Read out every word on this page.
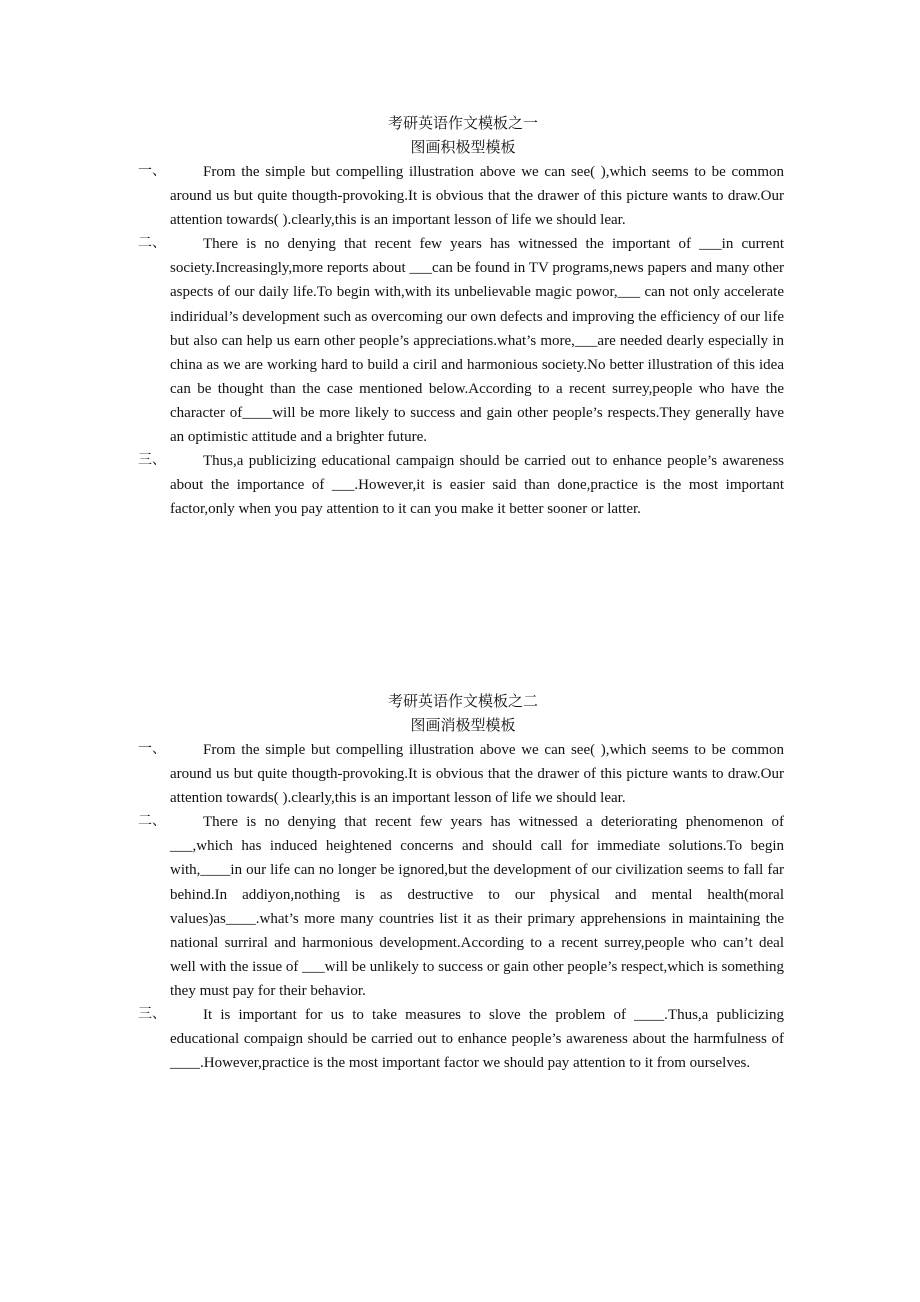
考研英语作文模板之一
图画积极型模板

一、	From the simple but compelling illustration above we can see( ),which seems to be common around us but quite thougth-provoking.It is obvious that the drawer of this picture wants to draw.Our attention towards( ).clearly,this is an important lesson of life we should lear.

二、	There is no denying that recent few years has witnessed the important of ___in current society.Increasingly,more reports about ___can be found in TV programs,news papers and many other aspects of our daily life.To begin with,with its unbelievable magic powor,___ can not only accelerate indiridual’s development such as overcoming our own defects and improving the efficiency of our life but also can help us earn other people’s appreciations.what’s more,___are needed dearly especially in china as we are working hard to build a ciril and harmonious society.No better illustration of this idea can be thought than the case mentioned below.According to a recent surrey,people who have the character of____will be more likely to success and gain other people’s respects.They generally have an optimistic attitude and a brighter future.

三、	Thus,a publicizing educational campaign should be carried out to enhance people’s awareness about the importance of ___.However,it is easier said than done,practice is the most important factor,only when you pay attention to it can you make it better sooner or latter.

考研英语作文模板之二
图画消极型模板

一、	From the simple but compelling illustration above we can see( ),which seems to be common around us but quite thougth-provoking.It is obvious that the drawer of this picture wants to draw.Our attention towards( ).clearly,this is an important lesson of life we should lear.

二、	There is no denying that recent few years has witnessed a deteriorating phenomenon of ___,which has induced heightened concerns and should call for immediate solutions.To begin with,____in our life can no longer be ignored,but the development of our civilization seems to fall far behind.In addiyon,nothing is as destructive to our physical and mental health(moral values)as____.what’s more many countries list it as their primary apprehensions in maintaining the national surriral and harmonious development.According to a recent surrey,people who can’t deal well with the issue of ___will be unlikely to success or gain other people’s respect,which is something they must pay for their behavior.

三、	It is important for us to take measures to slove the problem of ____.Thus,a publicizing educational compaign should be carried out to enhance people’s awareness about the harmfulness of ____.However,practice is the most important factor we should pay attention to it from ourselves.
